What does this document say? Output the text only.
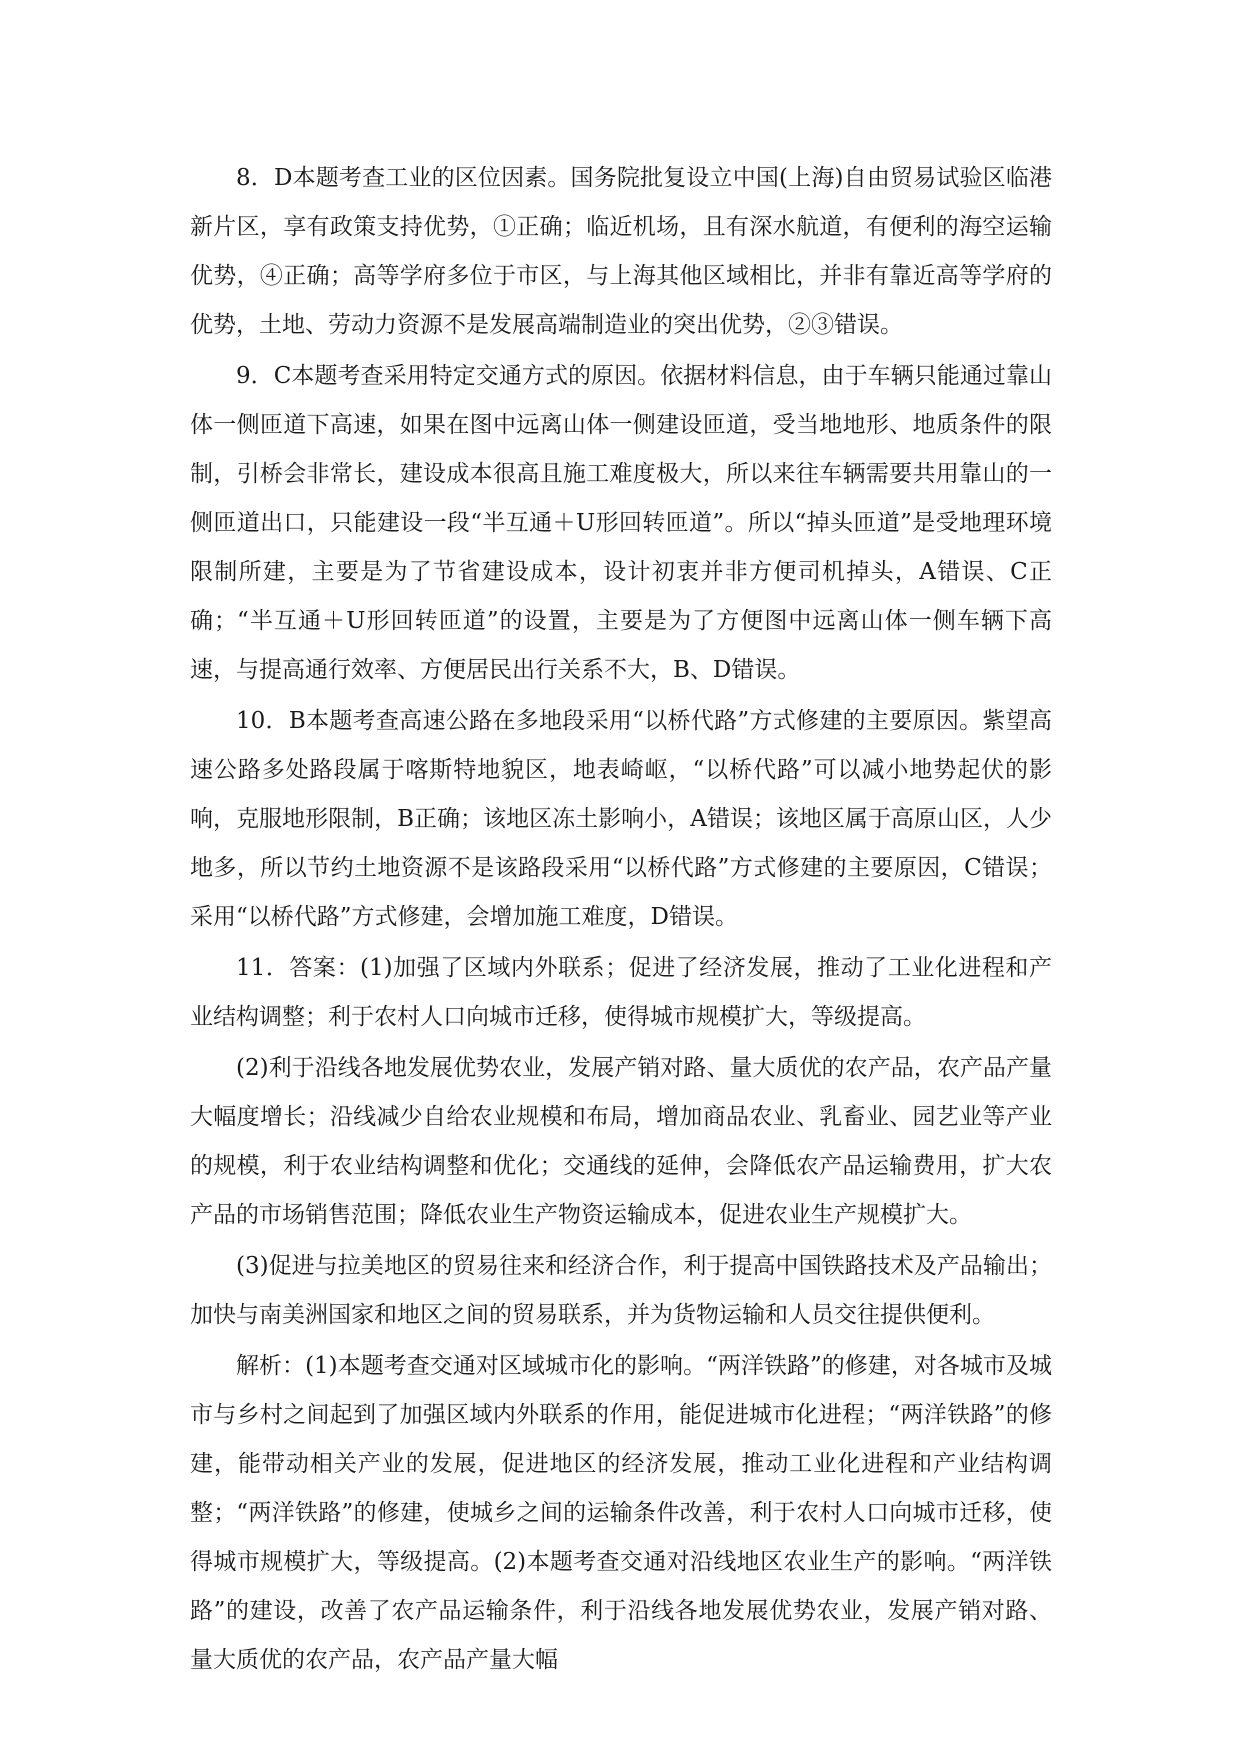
8．D本题考查工业的区位因素。国务院批复设立中国(上海)自由贸易试验区临港新片区，享有政策支持优势，①正确；临近机场，且有深水航道，有便利的海空运输优势，④正确；高等学府多位于市区，与上海其他区域相比，并非有靠近高等学府的优势，土地、劳动力资源不是发展高端制造业的突出优势，②③错误。

9．C本题考查采用特定交通方式的原因。依据材料信息，由于车辆只能通过靠山体一侧匝道下高速，如果在图中远离山体一侧建设匝道，受当地地形、地质条件的限制，引桥会非常长，建设成本很高且施工难度极大，所以来往车辆需要共用靠山的一侧匝道出口，只能建设一段“半互通＋U形回转匝道”。所以“掉头匝道”是受地理环境限制所建，主要是为了节省建设成本，设计初衷并非方便司机掉头，A错误、C正确；“半互通＋U形回转匝道”的设置，主要是为了方便图中远离山体一侧车辆下高速，与提高通行效率、方便居民出行关系不大，B、D错误。

10．B本题考查高速公路在多地段采用“以桥代路”方式修建的主要原因。紫望高速公路多处路段属于喀斯特地貌区，地表崎岖，“以桥代路”可以减小地势起伏的影响，克服地形限制，B正确；该地区冻土影响小，A错误；该地区属于高原山区，人少地多，所以节约土地资源不是该路段采用“以桥代路”方式修建的主要原因，C错误；采用“以桥代路”方式修建，会增加施工难度，D错误。

11．答案：(1)加强了区域内外联系；促进了经济发展，推动了工业化进程和产业结构调整；利于农村人口向城市迁移，使得城市规模扩大，等级提高。

(2)利于沿线各地发展优势农业，发展产销对路、量大质优的农产品，农产品产量大幅度增长；沿线减少自给农业规模和布局，增加商品农业、乳畜业、园艺业等产业的规模，利于农业结构调整和优化；交通线的延伸，会降低农产品运输费用，扩大农产品的市场销售范围；降低农业生产物资运输成本，促进农业生产规模扩大。

(3)促进与拉美地区的贸易往来和经济合作，利于提高中国铁路技术及产品输出；加快与南美洲国家和地区之间的贸易联系，并为货物运输和人员交往提供便利。

解析：(1)本题考查交通对区域城市化的影响。“两洋铁路”的修建，对各城市及城市与乡村之间起到了加强区域内外联系的作用，能促进城市化进程；“两洋铁路”的修建，能带动相关产业的发展，促进地区的经济发展，推动工业化进程和产业结构调整；“两洋铁路”的修建，使城乡之间的运输条件改善，利于农村人口向城市迁移，使得城市规模扩大，等级提高。(2)本题考查交通对沿线地区农业生产的影响。“两洋铁路”的建设，改善了农产品运输条件，利于沿线各地发展优势农业，发展产销对路、量大质优的农产品，农产品产量大幅
